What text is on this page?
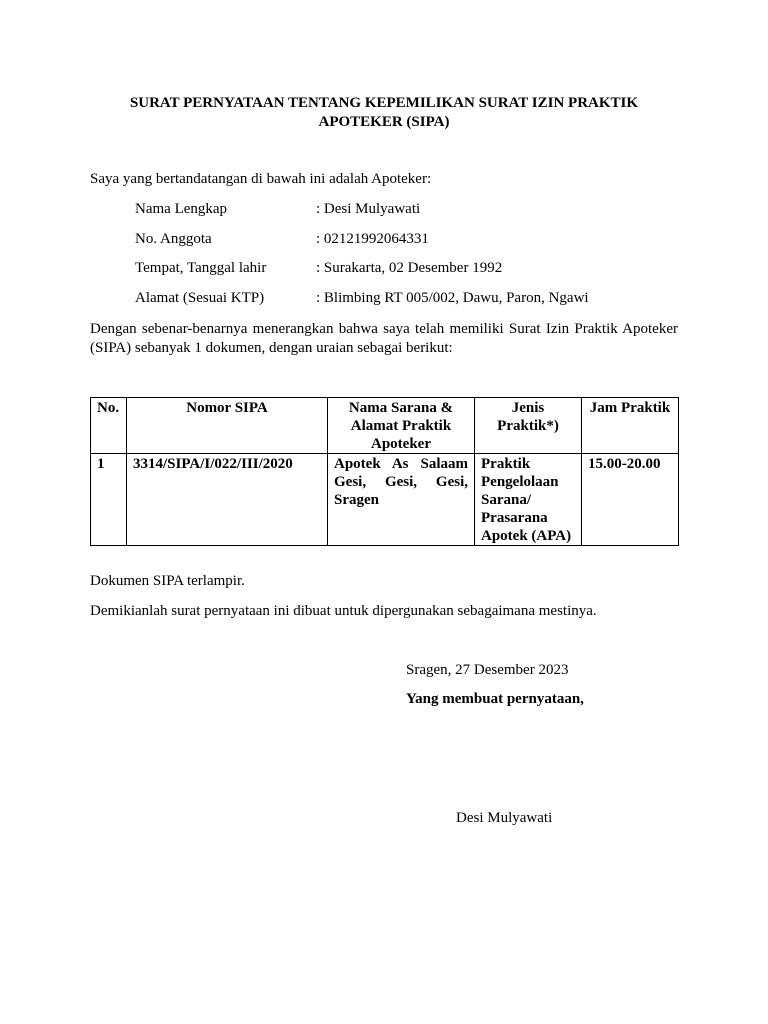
SURAT PERNYATAAN TENTANG KEPEMILIKAN SURAT IZIN PRAKTIK APOTEKER (SIPA)
Saya yang bertandatangan di bawah ini adalah Apoteker:
Nama Lengkap	: Desi Mulyawati
No. Anggota	: 02121992064331
Tempat, Tanggal lahir	: Surakarta, 02 Desember 1992
Alamat (Sesuai KTP)	: Blimbing RT 005/002, Dawu, Paron, Ngawi
Dengan sebenar-benarnya menerangkan bahwa saya telah memiliki Surat Izin Praktik Apoteker (SIPA) sebanyak 1 dokumen, dengan uraian sebagai berikut:
No.	Nomor SIPA	Nama Sarana & Alamat Praktik Apoteker	Jenis Praktik*)	Jam Praktik
1	3314/SIPA/I/022/III/2020	Apotek As Salaam Gesi, Gesi, Gesi, Sragen	Praktik Pengelolaan Sarana/ Prasarana Apotek (APA)	15.00-20.00
Dokumen SIPA terlampir.
Demikianlah surat pernyataan ini dibuat untuk dipergunakan sebagaimana mestinya.
Sragen, 27 Desember 2023
Yang membuat pernyataan,
Desi Mulyawati
